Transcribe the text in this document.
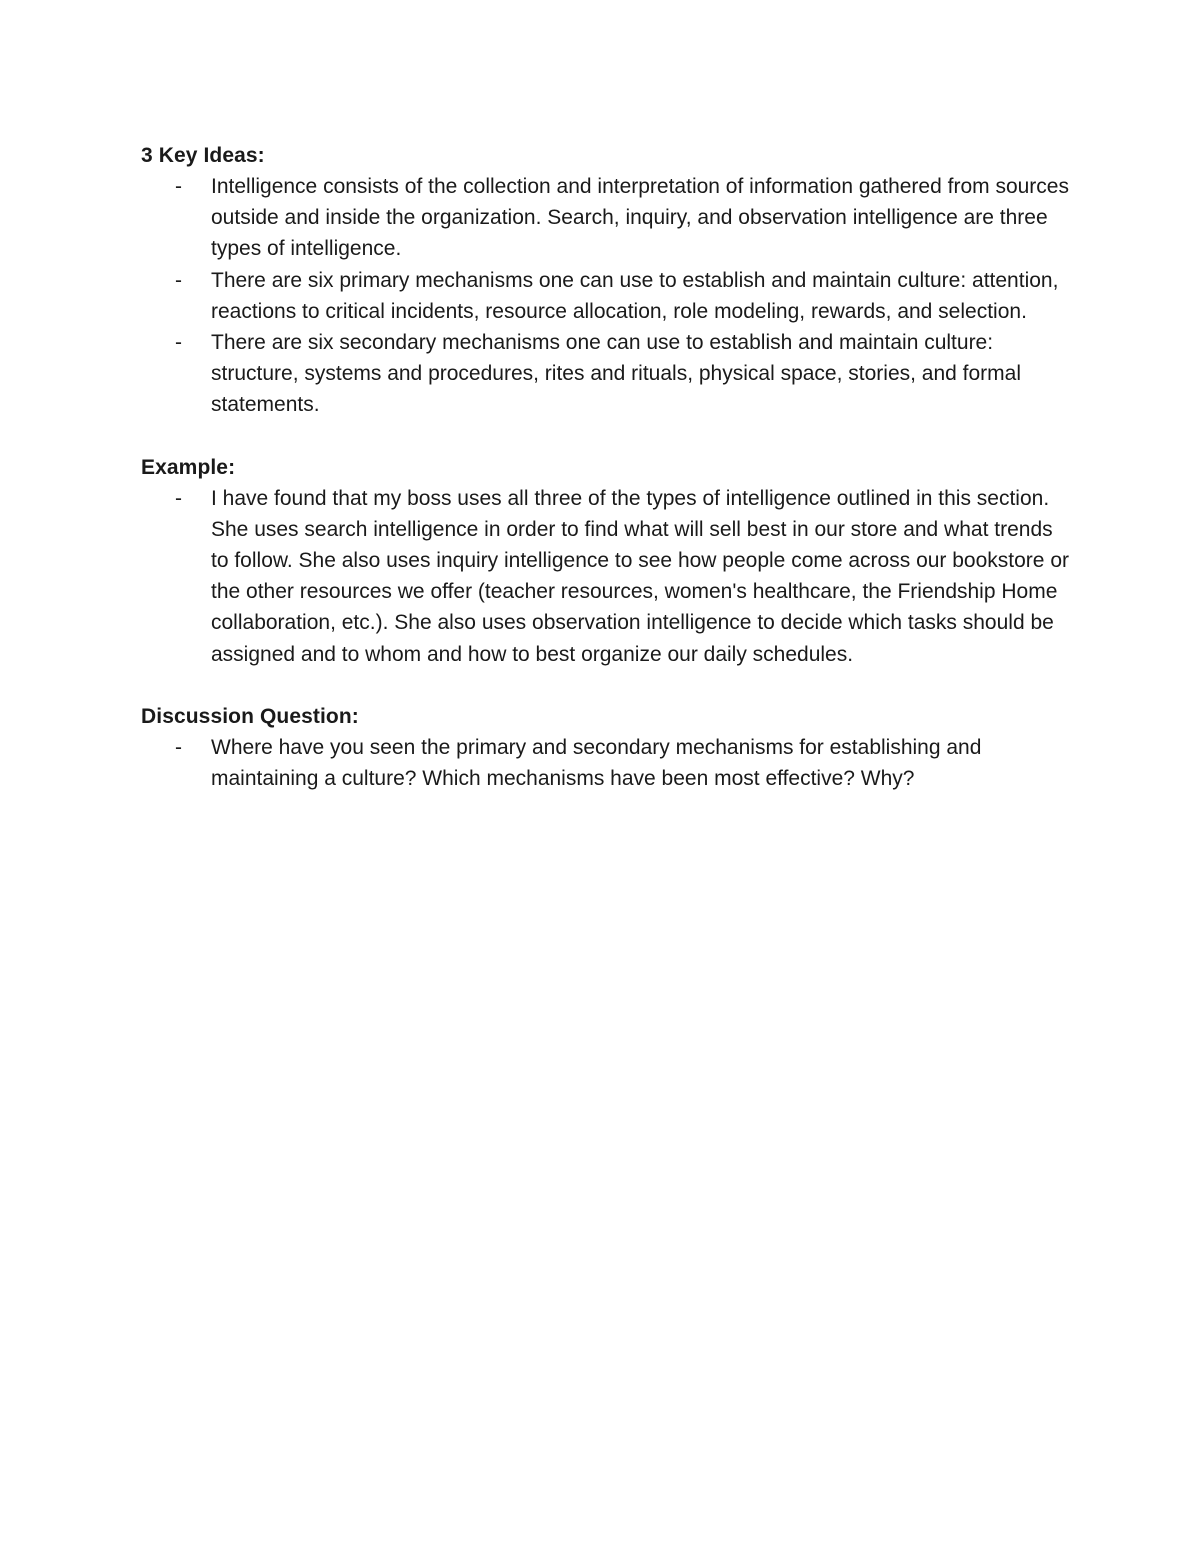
3 Key Ideas:
- Intelligence consists of the collection and interpretation of information gathered from sources outside and inside the organization. Search, inquiry, and observation intelligence are three types of intelligence.
- There are six primary mechanisms one can use to establish and maintain culture: attention, reactions to critical incidents, resource allocation, role modeling, rewards, and selection.
- There are six secondary mechanisms one can use to establish and maintain culture: structure, systems and procedures, rites and rituals, physical space, stories, and formal statements.
Example:
- I have found that my boss uses all three of the types of intelligence outlined in this section. She uses search intelligence in order to find what will sell best in our store and what trends to follow. She also uses inquiry intelligence to see how people come across our bookstore or the other resources we offer (teacher resources, women's healthcare, the Friendship Home collaboration, etc.). She also uses observation intelligence to decide which tasks should be assigned and to whom and how to best organize our daily schedules.
Discussion Question:
- Where have you seen the primary and secondary mechanisms for establishing and maintaining a culture? Which mechanisms have been most effective? Why?
